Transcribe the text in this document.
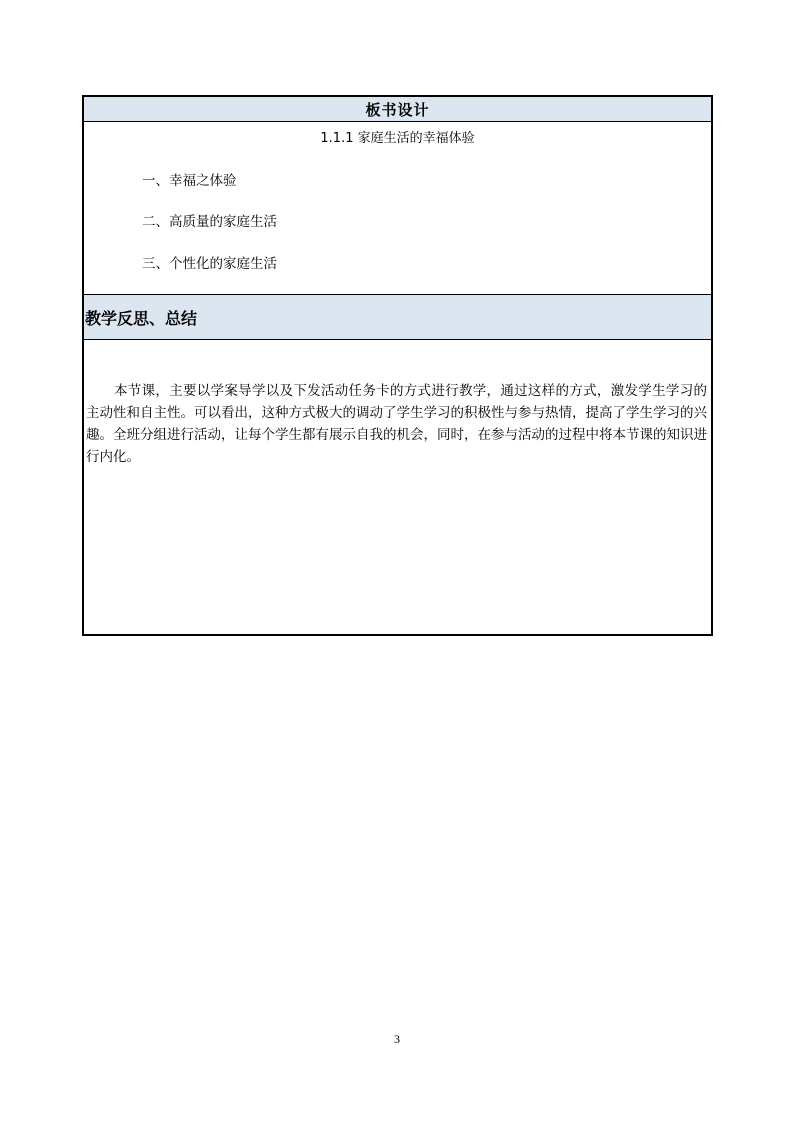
板书设计
1.1.1 家庭生活的幸福体验
一、幸福之体验
二、高质量的家庭生活
三、个性化的家庭生活
教学反思、总结
本节课，主要以学案导学以及下发活动任务卡的方式进行教学，通过这样的方式，激发学生学习的主动性和自主性。可以看出，这种方式极大的调动了学生学习的积极性与参与热情，提高了学生学习的兴趣。全班分组进行活动，让每个学生都有展示自我的机会，同时，在参与活动的过程中将本节课的知识进行内化。
3
